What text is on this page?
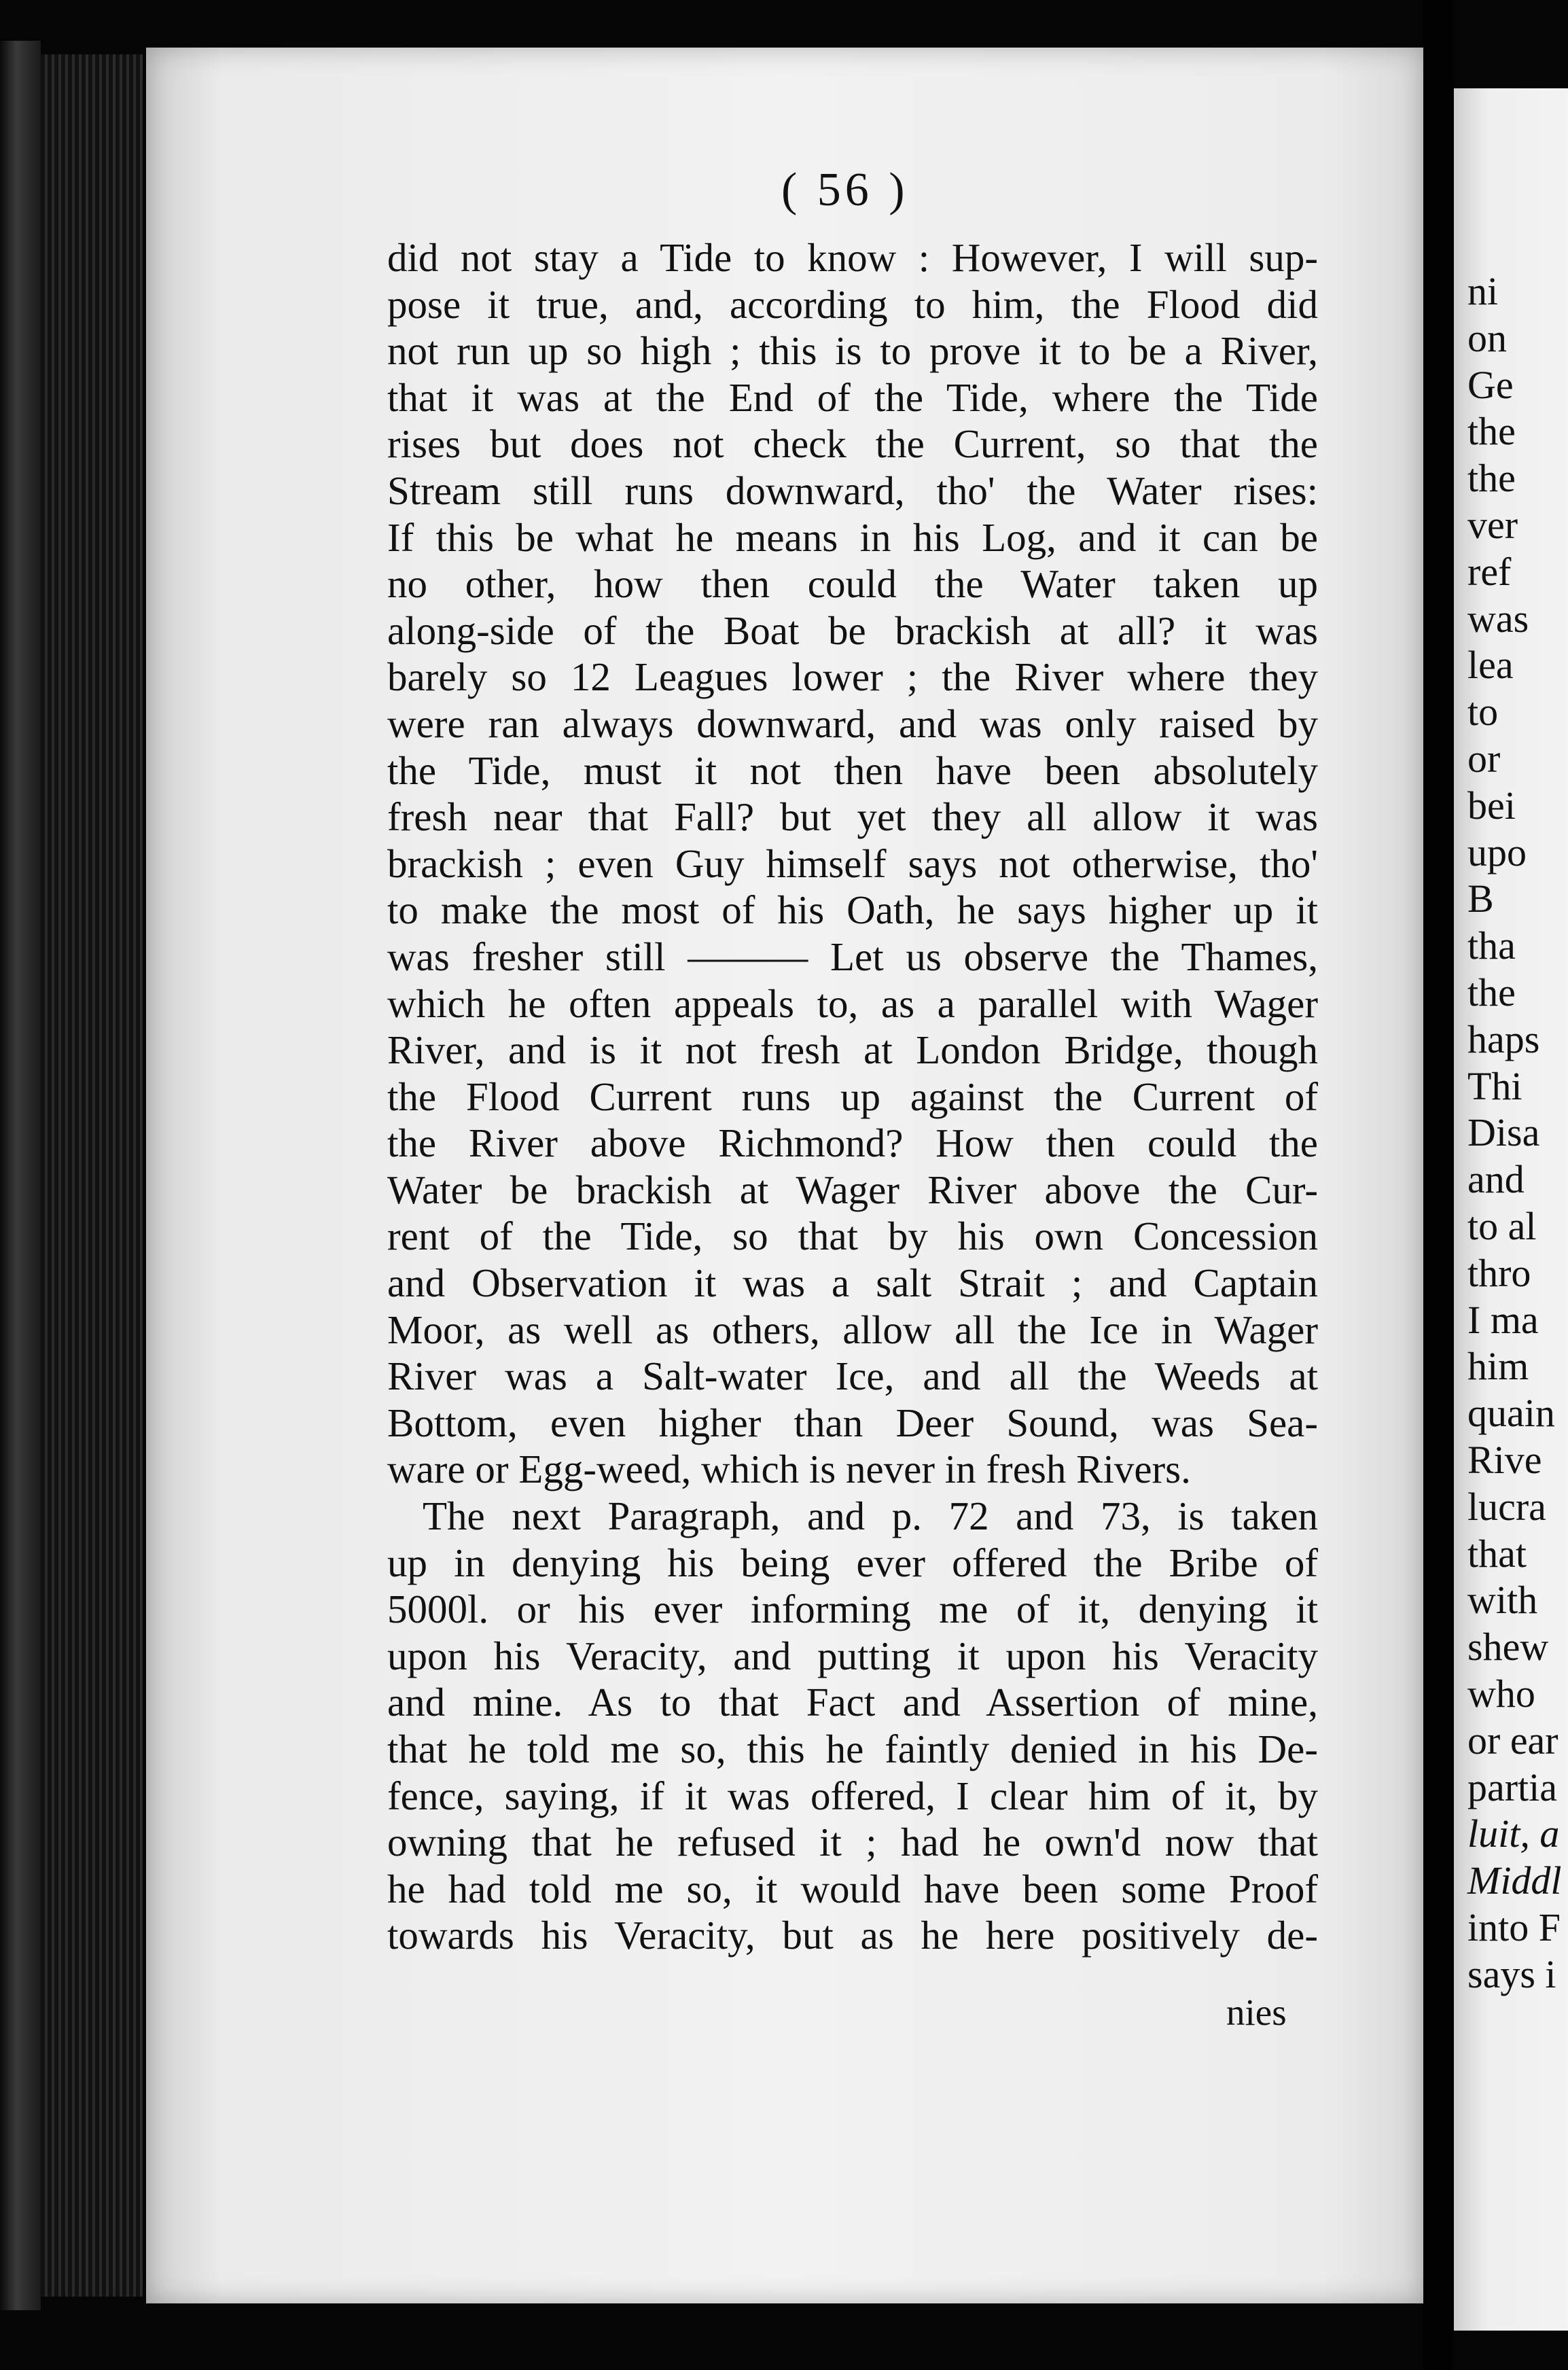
( 56 )
did not stay a Tide to know : However, I will sup-
pose it true, and, according to him, the Flood did
not run up so high ; this is to prove it to be a River,
that it was at the End of the Tide, where the Tide
rises but does not check the Current, so that the
Stream still runs downward, tho' the Water rises:
If this be what he means in his Log, and it can be
no other, how then could the Water taken up
along-side of the Boat be brackish at all? it was
barely so 12 Leagues lower ; the River where they
were ran always downward, and was only raised by
the Tide, must it not then have been absolutely
fresh near that Fall? but yet they all allow it was
brackish ; even Guy himself says not otherwise, tho'
to make the most of his Oath, he says higher up it
was fresher still ——— Let us observe the Thames,
which he often appeals to, as a parallel with Wager
River, and is it not fresh at London Bridge, though
the Flood Current runs up against the Current of
the River above Richmond? How then could the
Water be brackish at Wager River above the Cur-
rent of the Tide, so that by his own Concession
and Observation it was a salt Strait ; and Captain
Moor, as well as others, allow all the Ice in Wager
River was a Salt-water Ice, and all the Weeds at
Bottom, even higher than Deer Sound, was Sea-
ware or Egg-weed, which is never in fresh Rivers.
The next Paragraph, and p. 72 and 73, is taken
up in denying his being ever offered the Bribe of
5000l. or his ever informing me of it, denying it
upon his Veracity, and putting it upon his Veracity
and mine. As to that Fact and Assertion of mine,
that he told me so, this he faintly denied in his De-
fence, saying, if it was offered, I clear him of it, by
owning that he refused it ; had he own'd now that
he had told me so, it would have been some Proof
towards his Veracity, but as he here positively de-
nies
ni
on
Ge
the
the
ver
ref
was
lea
to
or
bei
upo
B
tha
the
haps
Thi
Disa
and
to al
thro
I ma
him
quain
Rive
lucra
that
with
shew
who
or ear
partia
luit, a
Middl
into F
says i
